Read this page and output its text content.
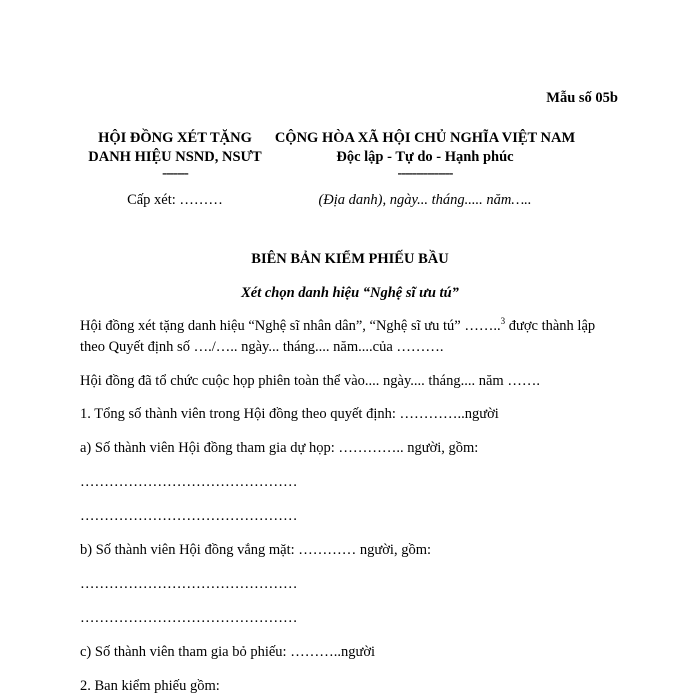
Mẫu số 05b
HỘI ĐỒNG XÉT TẶNG
DANH HIỆU NSND, NSƯT
-------
Cấp xét: ………
CỘNG HÒA XÃ HỘI CHỦ NGHĨA VIỆT NAM
Độc lập - Tự do - Hạnh phúc
---------------
(Địa danh), ngày... tháng..... năm…..
BIÊN BẢN KIỂM PHIẾU BẦU
Xét chọn danh hiệu “Nghệ sĩ ưu tú”
Hội đồng xét tặng danh hiệu “Nghệ sĩ nhân dân”, “Nghệ sĩ ưu tú” ……..$^3$ được thành lập
theo Quyết định số …./….. ngày... tháng.... năm....của ……….
Hội đồng đã tổ chức cuộc họp phiên toàn thể vào.... ngày.... tháng.... năm …….
1. Tổng số thành viên trong Hội đồng theo quyết định: …………..người
a) Số thành viên Hội đồng tham gia dự họp: ………….. người, gồm:
………………………………………
………………………………………
b) Số thành viên Hội đồng vắng mặt: ………… người, gồm:
………………………………………
………………………………………
c) Số thành viên tham gia bỏ phiếu: ………..người
2. Ban kiểm phiếu gồm:
